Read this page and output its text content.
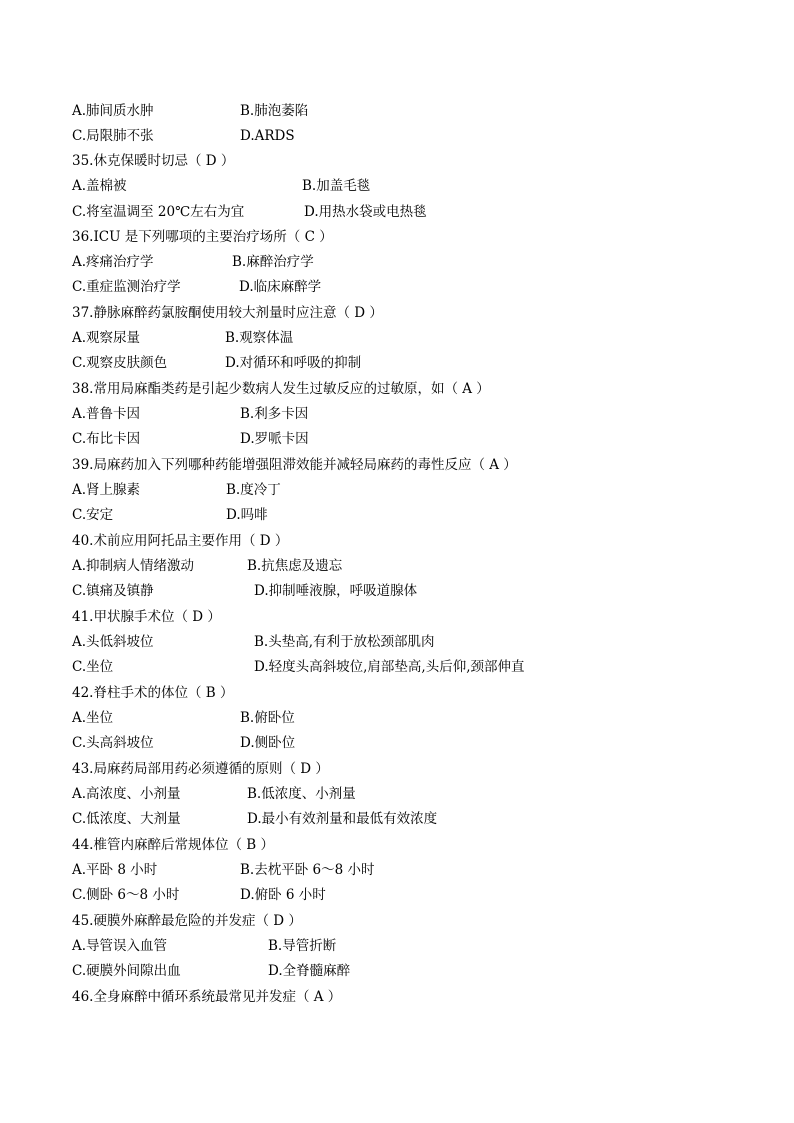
A.肺间质水肿	B.肺泡萎陷
C.局限肺不张	D.ARDS
35.休克保暖时切忌（ D ）
A.盖棉被	B.加盖毛毯
C.将室温调至 20℃左右为宜	D.用热水袋或电热毯
36.ICU 是下列哪项的主要治疗场所（ C ）
A.疼痛治疗学	B.麻醉治疗学
C.重症监测治疗学	D.临床麻醉学
37.静脉麻醉药氯胺酮使用较大剂量时应注意（ D ）
A.观察尿量	B.观察体温
C.观察皮肤颜色	D.对循环和呼吸的抑制
38.常用局麻酯类药是引起少数病人发生过敏反应的过敏原，如（ A ）
A.普鲁卡因	B.利多卡因
C.布比卡因	D.罗哌卡因
39.局麻药加入下列哪种药能增强阻滞效能并减轻局麻药的毒性反应（ A ）
A.肾上腺素	B.度冷丁
C.安定	D.吗啡
40.术前应用阿托品主要作用（ D ）
A.抑制病人情绪激动	B.抗焦虑及遗忘
C.镇痛及镇静	D.抑制唾液腺，呼吸道腺体
41.甲状腺手术位（ D ）
A.头低斜坡位	B.头垫高,有利于放松颈部肌肉
C.坐位	D.轻度头高斜坡位,肩部垫高,头后仰,颈部伸直
42.脊柱手术的体位（ B ）
A.坐位	B.俯卧位
C.头高斜坡位	D.侧卧位
43.局麻药局部用药必须遵循的原则（ D ）
A.高浓度、小剂量	B.低浓度、小剂量
C.低浓度、大剂量	D.最小有效剂量和最低有效浓度
44.椎管内麻醉后常规体位（ B ）
A.平卧 8 小时	B.去枕平卧 6～8 小时
C.侧卧 6～8 小时	D.俯卧 6 小时
45.硬膜外麻醉最危险的并发症（ D ）
A.导管误入血管	B.导管折断
C.硬膜外间隙出血	D.全脊髓麻醉
46.全身麻醉中循环系统最常见并发症（ A ）
